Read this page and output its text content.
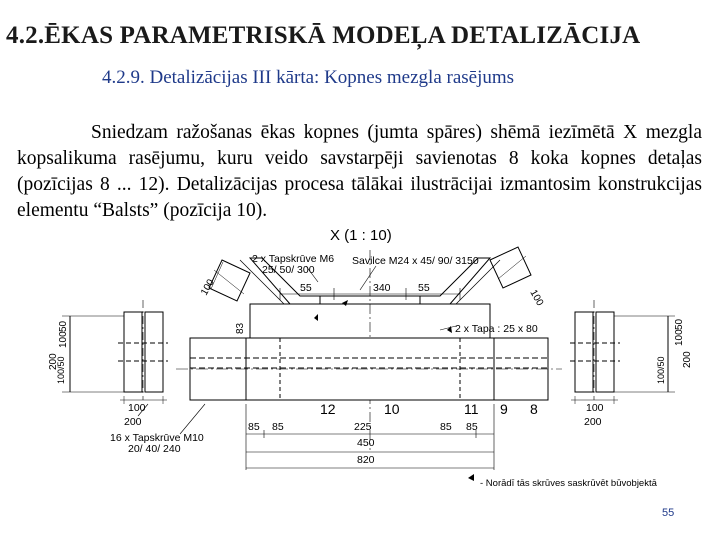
4.2.ĒKAS PARAMETRISKĀ MODEĻA DETALIZĀCIJA
4.2.9. Detalizācijas III kārta: Kopnes mezgla rasējums

Sniedzam ražošanas ēkas kopnes (jumta spāres) shēmā iezīmētā X mezgla kopsalikuma rasējumu, kuru veido savstarpēji savienotas 8 koka kopnes detaļas (pozīcijas 8 ... 12). Detalizācijas procesa tālākai ilustrācijai izmantosim konstrukcijas elementu “Balsts” (pozīcija 10).

X (1 : 10)
2 x Tapskrūve M6
25/ 50/ 300
Savilce M24 x 45/ 90/ 3150
55	340	55
2 x Tapa : 25 x 80
12	10	11 9 8
100
200
16 x Tapskrūve M10
20/ 40/ 240
85 85	225
450
820
85 85
100
200
- Norādī tās skrūves saskrūvēt būvobjektā
100
100
83
50
100
200
100/50
50
100
200
100/50
55
